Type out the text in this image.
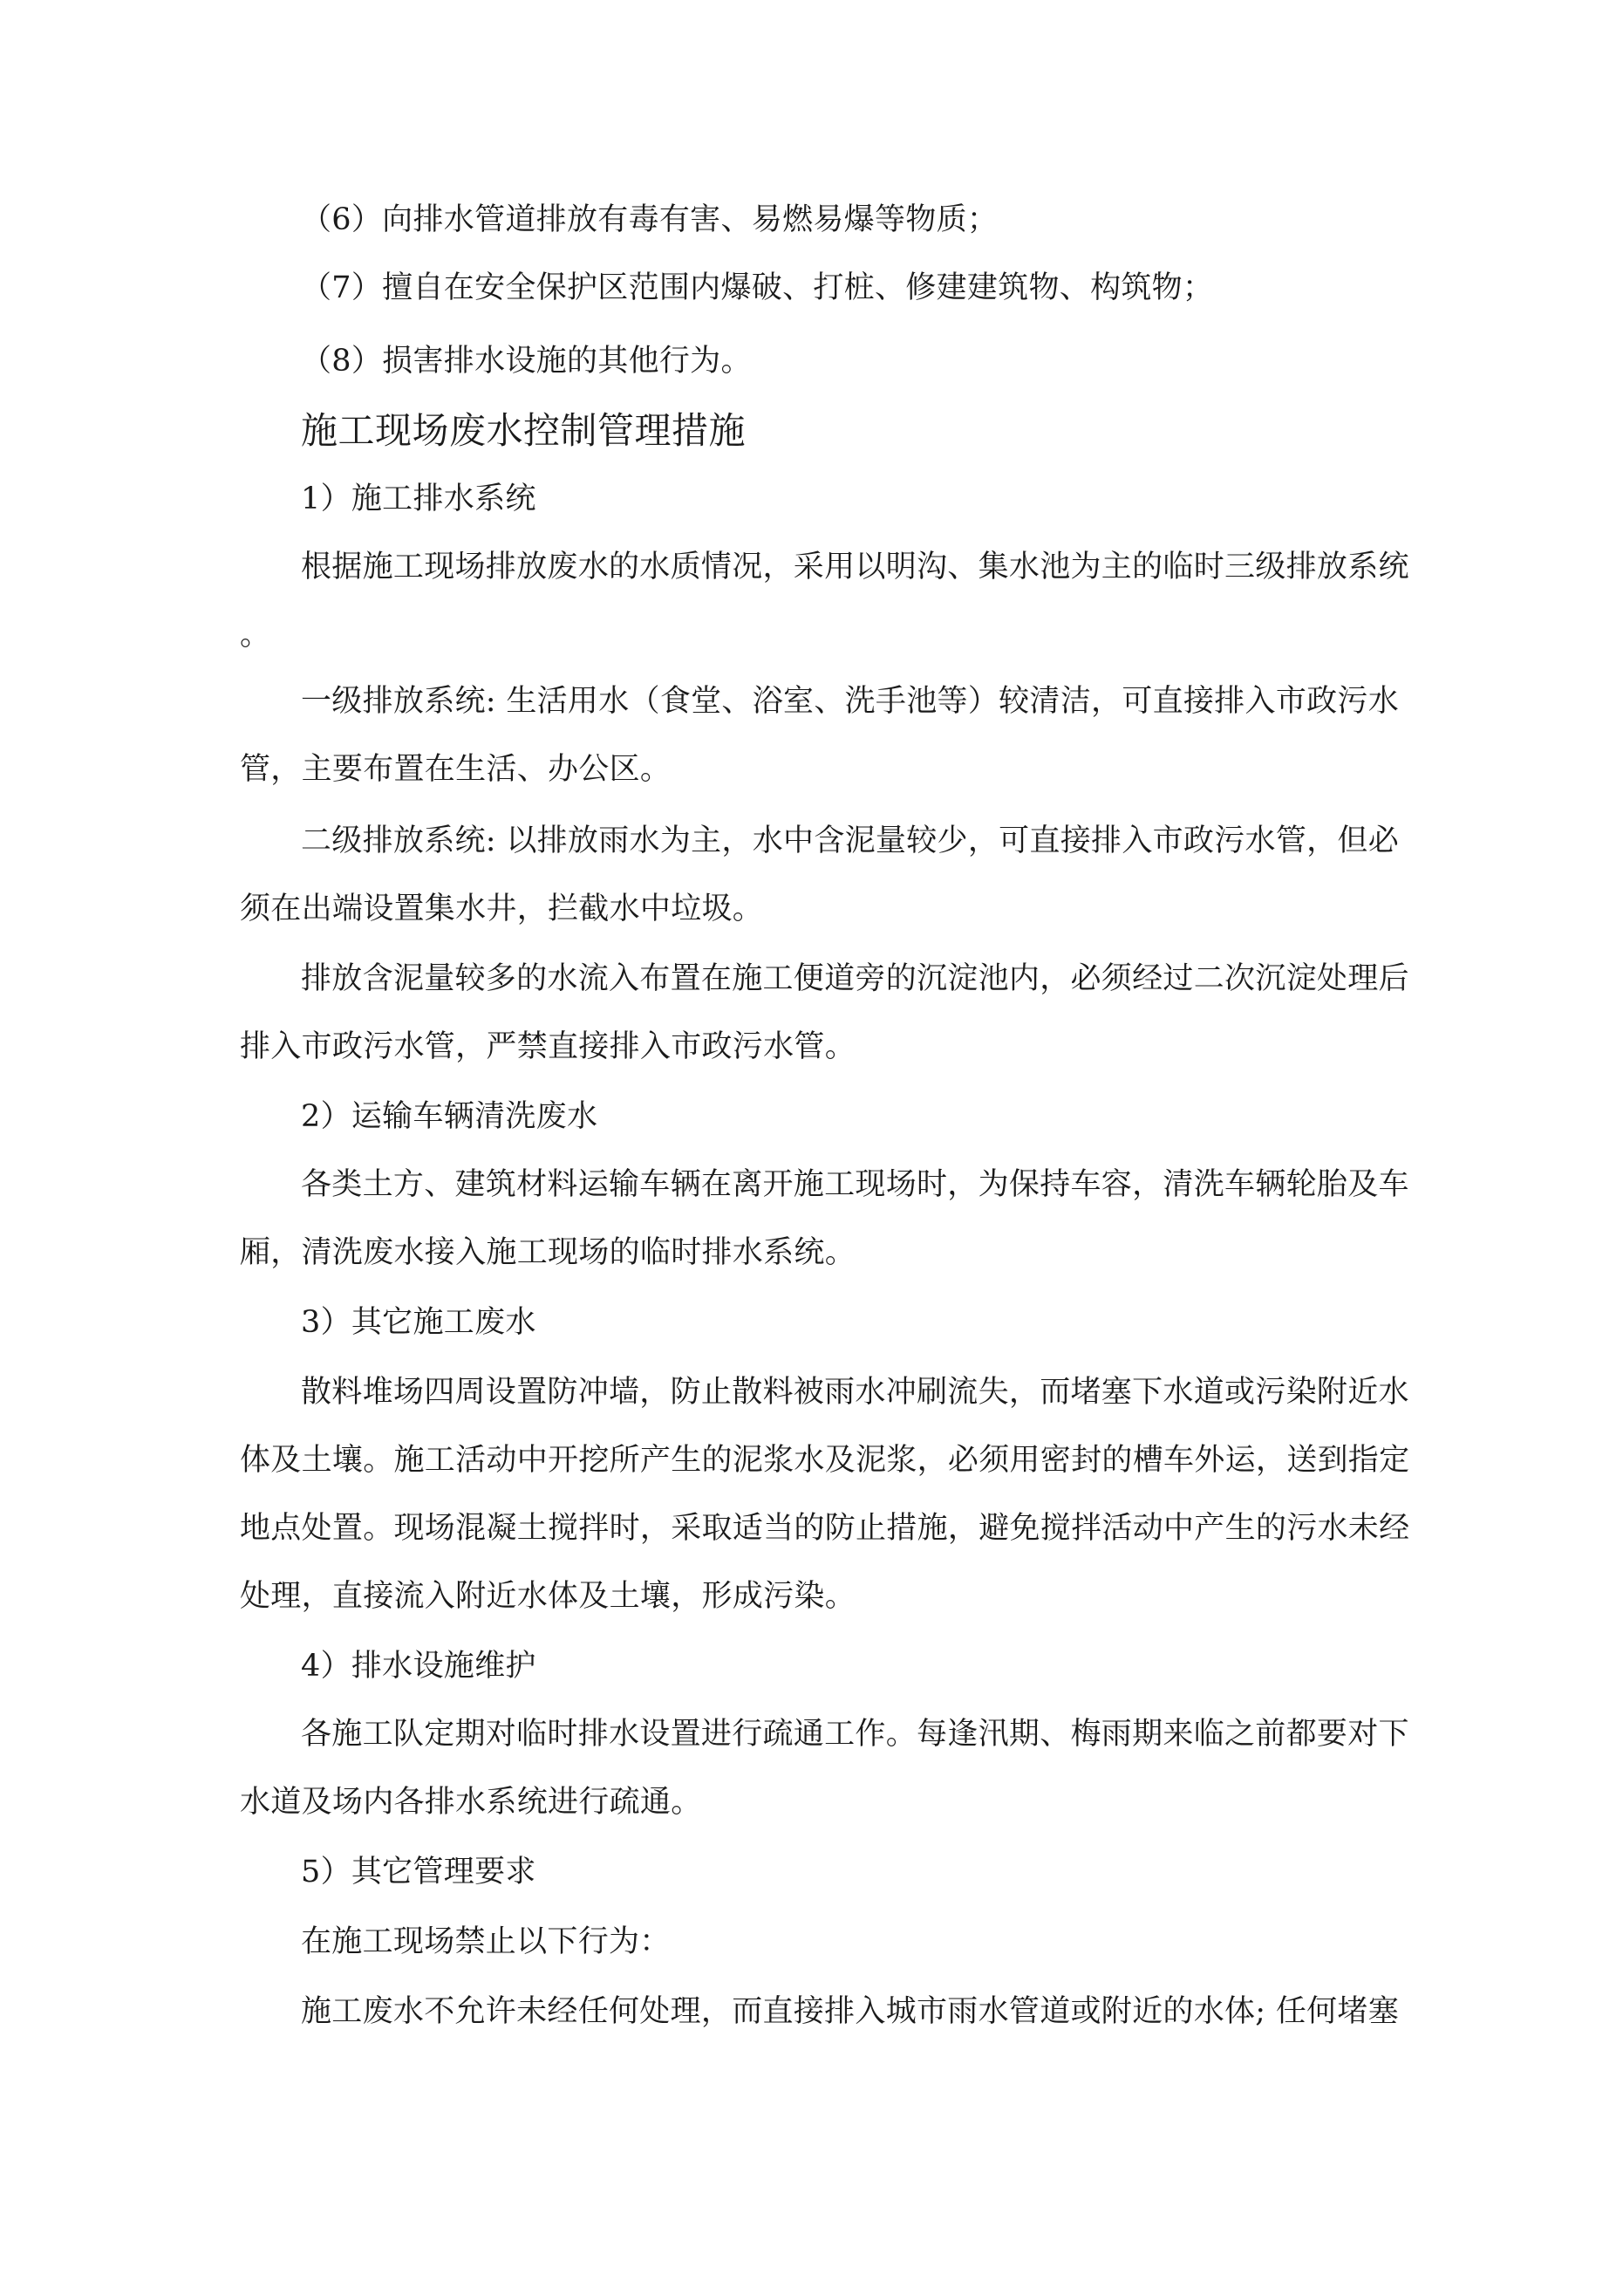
（6）向排水管道排放有毒有害、易燃易爆等物质；
（7）擅自在安全保护区范围内爆破、打桩、修建建筑物、构筑物；
（8）损害排水设施的其他行为。
施工现场废水控制管理措施
1）施工排水系统
根据施工现场排放废水的水质情况，采用以明沟、集水池为主的临时三级排放系统
。
一级排放系统: 生活用水（食堂、浴室、洗手池等）较清洁，可直接排入市政污水
管，主要布置在生活、办公区。
二级排放系统: 以排放雨水为主，水中含泥量较少，可直接排入市政污水管，但必
须在出端设置集水井，拦截水中垃圾。
排放含泥量较多的水流入布置在施工便道旁的沉淀池内，必须经过二次沉淀处理后
排入市政污水管，严禁直接排入市政污水管。
2）运输车辆清洗废水
各类土方、建筑材料运输车辆在离开施工现场时，为保持车容，清洗车辆轮胎及车
厢，清洗废水接入施工现场的临时排水系统。
3）其它施工废水
散料堆场四周设置防冲墙，防止散料被雨水冲刷流失，而堵塞下水道或污染附近水
体及土壤。施工活动中开挖所产生的泥浆水及泥浆，必须用密封的槽车外运，送到指定
地点处置。现场混凝土搅拌时，采取适当的防止措施，避免搅拌活动中产生的污水未经
处理，直接流入附近水体及土壤，形成污染。
4）排水设施维护
各施工队定期对临时排水设置进行疏通工作。每逢汛期、梅雨期来临之前都要对下
水道及场内各排水系统进行疏通。
5）其它管理要求
在施工现场禁止以下行为：
施工废水不允许未经任何处理，而直接排入城市雨水管道或附近的水体; 任何堵塞
